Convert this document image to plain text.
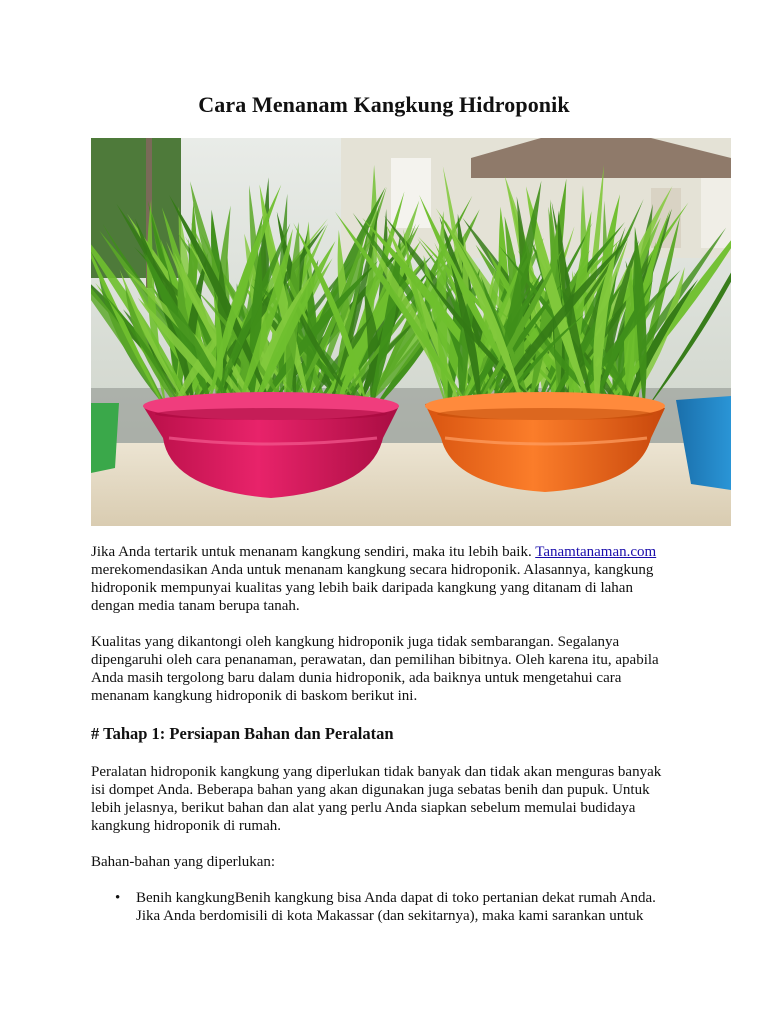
Cara Menanam Kangkung Hidroponik

Jika Anda tertarik untuk menanam kangkung sendiri, maka itu lebih baik. Tanamtanaman.com merekomendasikan Anda untuk menanam kangkung secara hidroponik. Alasannya, kangkung hidroponik mempunyai kualitas yang lebih baik daripada kangkung yang ditanam di lahan dengan media tanam berupa tanah.

Kualitas yang dikantongi oleh kangkung hidroponik juga tidak sembarangan. Segalanya dipengaruhi oleh cara penanaman, perawatan, dan pemilihan bibitnya. Oleh karena itu, apabila Anda masih tergolong baru dalam dunia hidroponik, ada baiknya untuk mengetahui cara menanam kangkung hidroponik di baskom berikut ini.

# Tahap 1: Persiapan Bahan dan Peralatan

Peralatan hidroponik kangkung yang diperlukan tidak banyak dan tidak akan menguras banyak isi dompet Anda. Beberapa bahan yang akan digunakan juga sebatas benih dan pupuk. Untuk lebih jelasnya, berikut bahan dan alat yang perlu Anda siapkan sebelum memulai budidaya kangkung hidroponik di rumah.

Bahan-bahan yang diperlukan:

• Benih kangkungBenih kangkung bisa Anda dapat di toko pertanian dekat rumah Anda. Jika Anda berdomisili di kota Makassar (dan sekitarnya), maka kami sarankan untuk
